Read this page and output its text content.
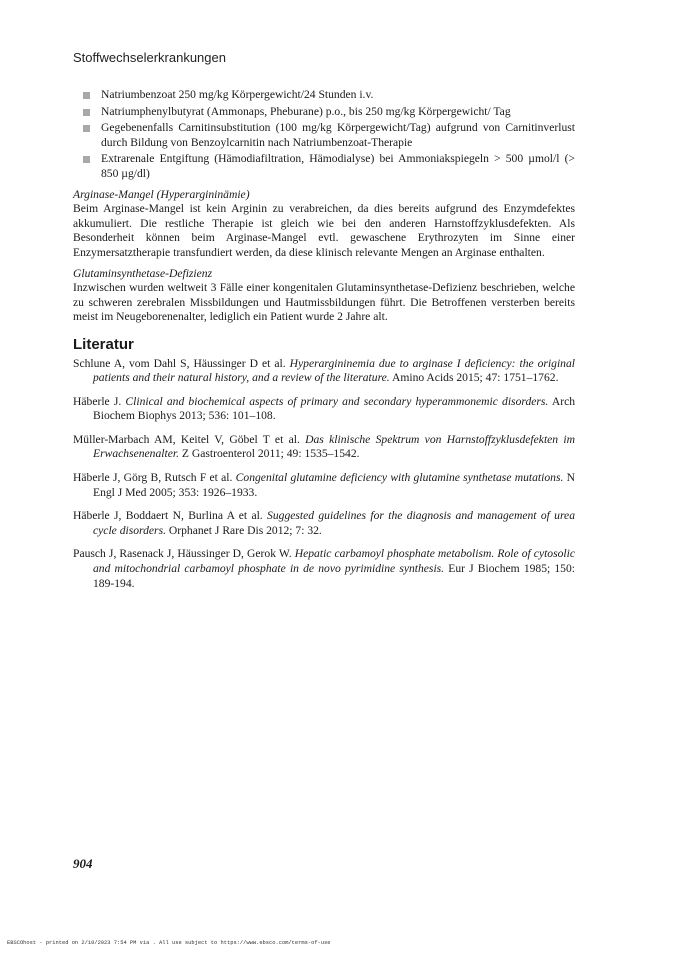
Stoffwechselerkrankungen
Natriumbenzoat 250 mg/kg Körpergewicht/24 Stunden i.v.
Natriumphenylbutyrat (Ammonaps, Pheburane) p.o., bis 250 mg/kg Körpergewicht/ Tag
Gegebenenfalls Carnitinsubstitution (100 mg/kg Körpergewicht/Tag) aufgrund von Carnitinverlust durch Bildung von Benzoylcarnitin nach Natriumbenzoat-Therapie
Extrarenale Entgiftung (Hämodiafiltration, Hämodialyse) bei Ammoniakspiegeln > 500 µmol/l (> 850 µg/dl)
Arginase-Mangel (Hyperargininämie)

Beim Arginase-Mangel ist kein Arginin zu verabreichen, da dies bereits aufgrund des Enzymdefektes akkumuliert. Die restliche Therapie ist gleich wie bei den anderen Harnstoffzyklusdefekten. Als Besonderheit können beim Arginase-Mangel evtl. gewaschene Erythrozyten im Sinne einer Enzymersatztherapie transfundiert werden, da diese klinisch relevante Mengen an Arginase enthalten.

Glutaminsynthetase-Defizienz

Inzwischen wurden weltweit 3 Fälle einer kongenitalen Glutaminsynthetase-Defizienz beschrieben, welche zu schweren zerebralen Missbildungen und Hautmissbildungen führt. Die Betroffenen versterben bereits meist im Neugeborenenalter, lediglich ein Patient wurde 2 Jahre alt.

Literatur

Schlune A, vom Dahl S, Häussinger D et al. Hyperargininemia due to arginase I deficiency: the original patients and their natural history, and a review of the literature. Amino Acids 2015; 47: 1751–1762.

Häberle J. Clinical and biochemical aspects of primary and secondary hyperammonemic disorders. Arch Biochem Biophys 2013; 536: 101–108.

Müller-Marbach AM, Keitel V, Göbel T et al. Das klinische Spektrum von Harnstoffzyklusdefekten im Erwachsenenalter. Z Gastroenterol 2011; 49: 1535–1542.

Häberle J, Görg B, Rutsch F et al. Congenital glutamine deficiency with glutamine synthetase mutations. N Engl J Med 2005; 353: 1926–1933.

Häberle J, Boddaert N, Burlina A et al. Suggested guidelines for the diagnosis and management of urea cycle disorders. Orphanet J Rare Dis 2012; 7: 32.

Pausch J, Rasenack J, Häussinger D, Gerok W. Hepatic carbamoyl phosphate metabolism. Role of cytosolic and mitochondrial carbamoyl phosphate in de novo pyrimidine synthesis. Eur J Biochem 1985; 150: 189-194.

904
EBSCOhost - printed on 2/10/2023 7:54 PM via . All use subject to https://www.ebsco.com/terms-of-use
